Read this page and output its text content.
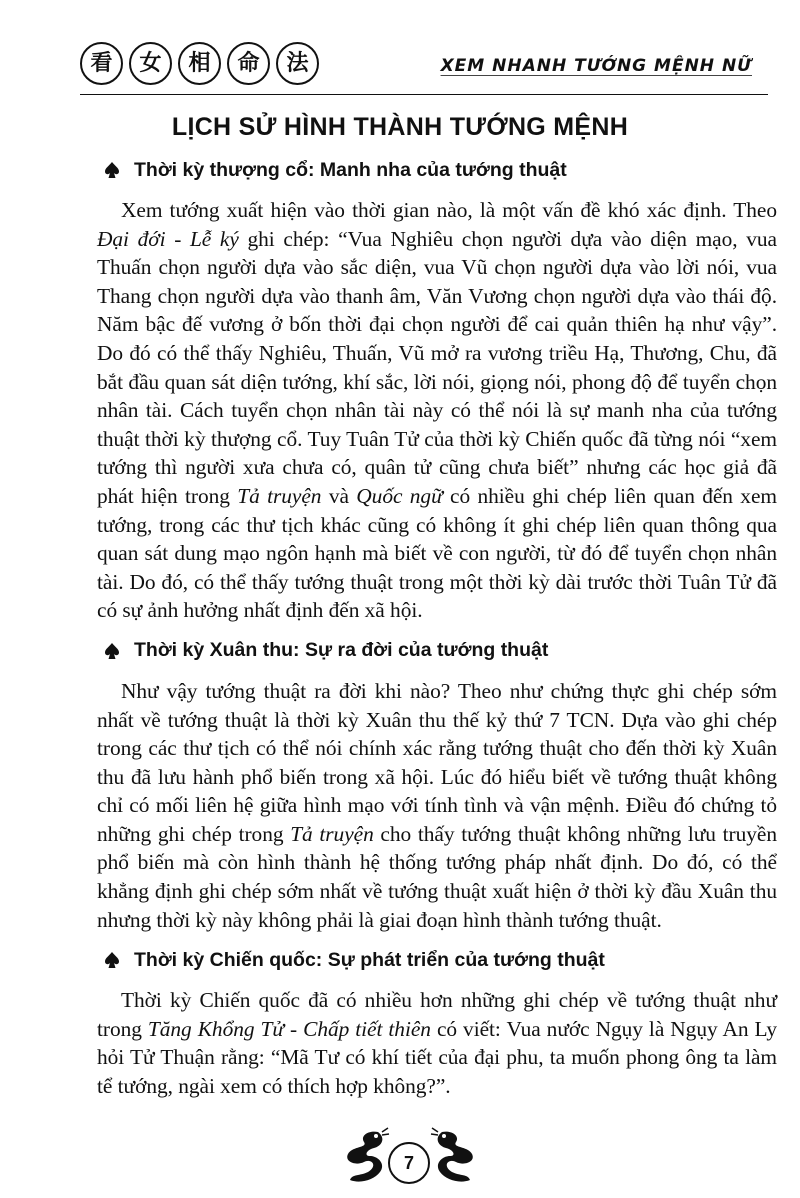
看	女	相	命	法	XEM NHANH TƯỚNG MỆNH NỮ
LỊCH SỬ HÌNH THÀNH TƯỚNG MỆNH
Thời kỳ thượng cổ: Manh nha của tướng thuật

Xem tướng xuất hiện vào thời gian nào, là một vấn đề khó xác định. Theo Đại đới - Lễ ký ghi chép: “Vua Nghiêu chọn người dựa vào diện mạo, vua Thuấn chọn người dựa vào sắc diện, vua Vũ chọn người dựa vào lời nói, vua Thang chọn người dựa vào thanh âm, Văn Vương chọn người dựa vào thái độ. Năm bậc đế vương ở bốn thời đại chọn người để cai quản thiên hạ như vậy”. Do đó có thể thấy Nghiêu, Thuấn, Vũ mở ra vương triều Hạ, Thương, Chu, đã bắt đầu quan sát diện tướng, khí sắc, lời nói, giọng nói, phong độ để tuyển chọn nhân tài. Cách tuyển chọn nhân tài này có thể nói là sự manh nha của tướng thuật thời kỳ thượng cổ. Tuy Tuân Tử của thời kỳ Chiến quốc đã từng nói “xem tướng thì người xưa chưa có, quân tử cũng chưa biết” nhưng các học giả đã phát hiện trong Tả truyện và Quốc ngữ có nhiều ghi chép liên quan đến xem tướng, trong các thư tịch khác cũng có không ít ghi chép liên quan thông qua quan sát dung mạo ngôn hạnh mà biết về con người, từ đó để tuyển chọn nhân tài. Do đó, có thể thấy tướng thuật trong một thời kỳ dài trước thời Tuân Tử đã có sự ảnh hưởng nhất định đến xã hội.

Thời kỳ Xuân thu: Sự ra đời của tướng thuật

Như vậy tướng thuật ra đời khi nào? Theo như chứng thực ghi chép sớm nhất về tướng thuật là thời kỳ Xuân thu thế kỷ thứ 7 TCN. Dựa vào ghi chép trong các thư tịch có thể nói chính xác rằng tướng thuật cho đến thời kỳ Xuân thu đã lưu hành phổ biến trong xã hội. Lúc đó hiểu biết về tướng thuật không chỉ có mối liên hệ giữa hình mạo với tính tình và vận mệnh. Điều đó chứng tỏ những ghi chép trong Tả truyện cho thấy tướng thuật không những lưu truyền phổ biến mà còn hình thành hệ thống tướng pháp nhất định. Do đó, có thể khẳng định ghi chép sớm nhất về tướng thuật xuất hiện ở thời kỳ đầu Xuân thu nhưng thời kỳ này không phải là giai đoạn hình thành tướng thuật.

Thời kỳ Chiến quốc: Sự phát triển của tướng thuật

Thời kỳ Chiến quốc đã có nhiều hơn những ghi chép về tướng thuật như trong Tăng Khổng Tử - Chấp tiết thiên có viết: Vua nước Ngụy là Ngụy An Ly hỏi Tử Thuận rằng: “Mã Tư có khí tiết của đại phu, ta muốn phong ông ta làm tể tướng, ngài xem có thích hợp không?”.

7
